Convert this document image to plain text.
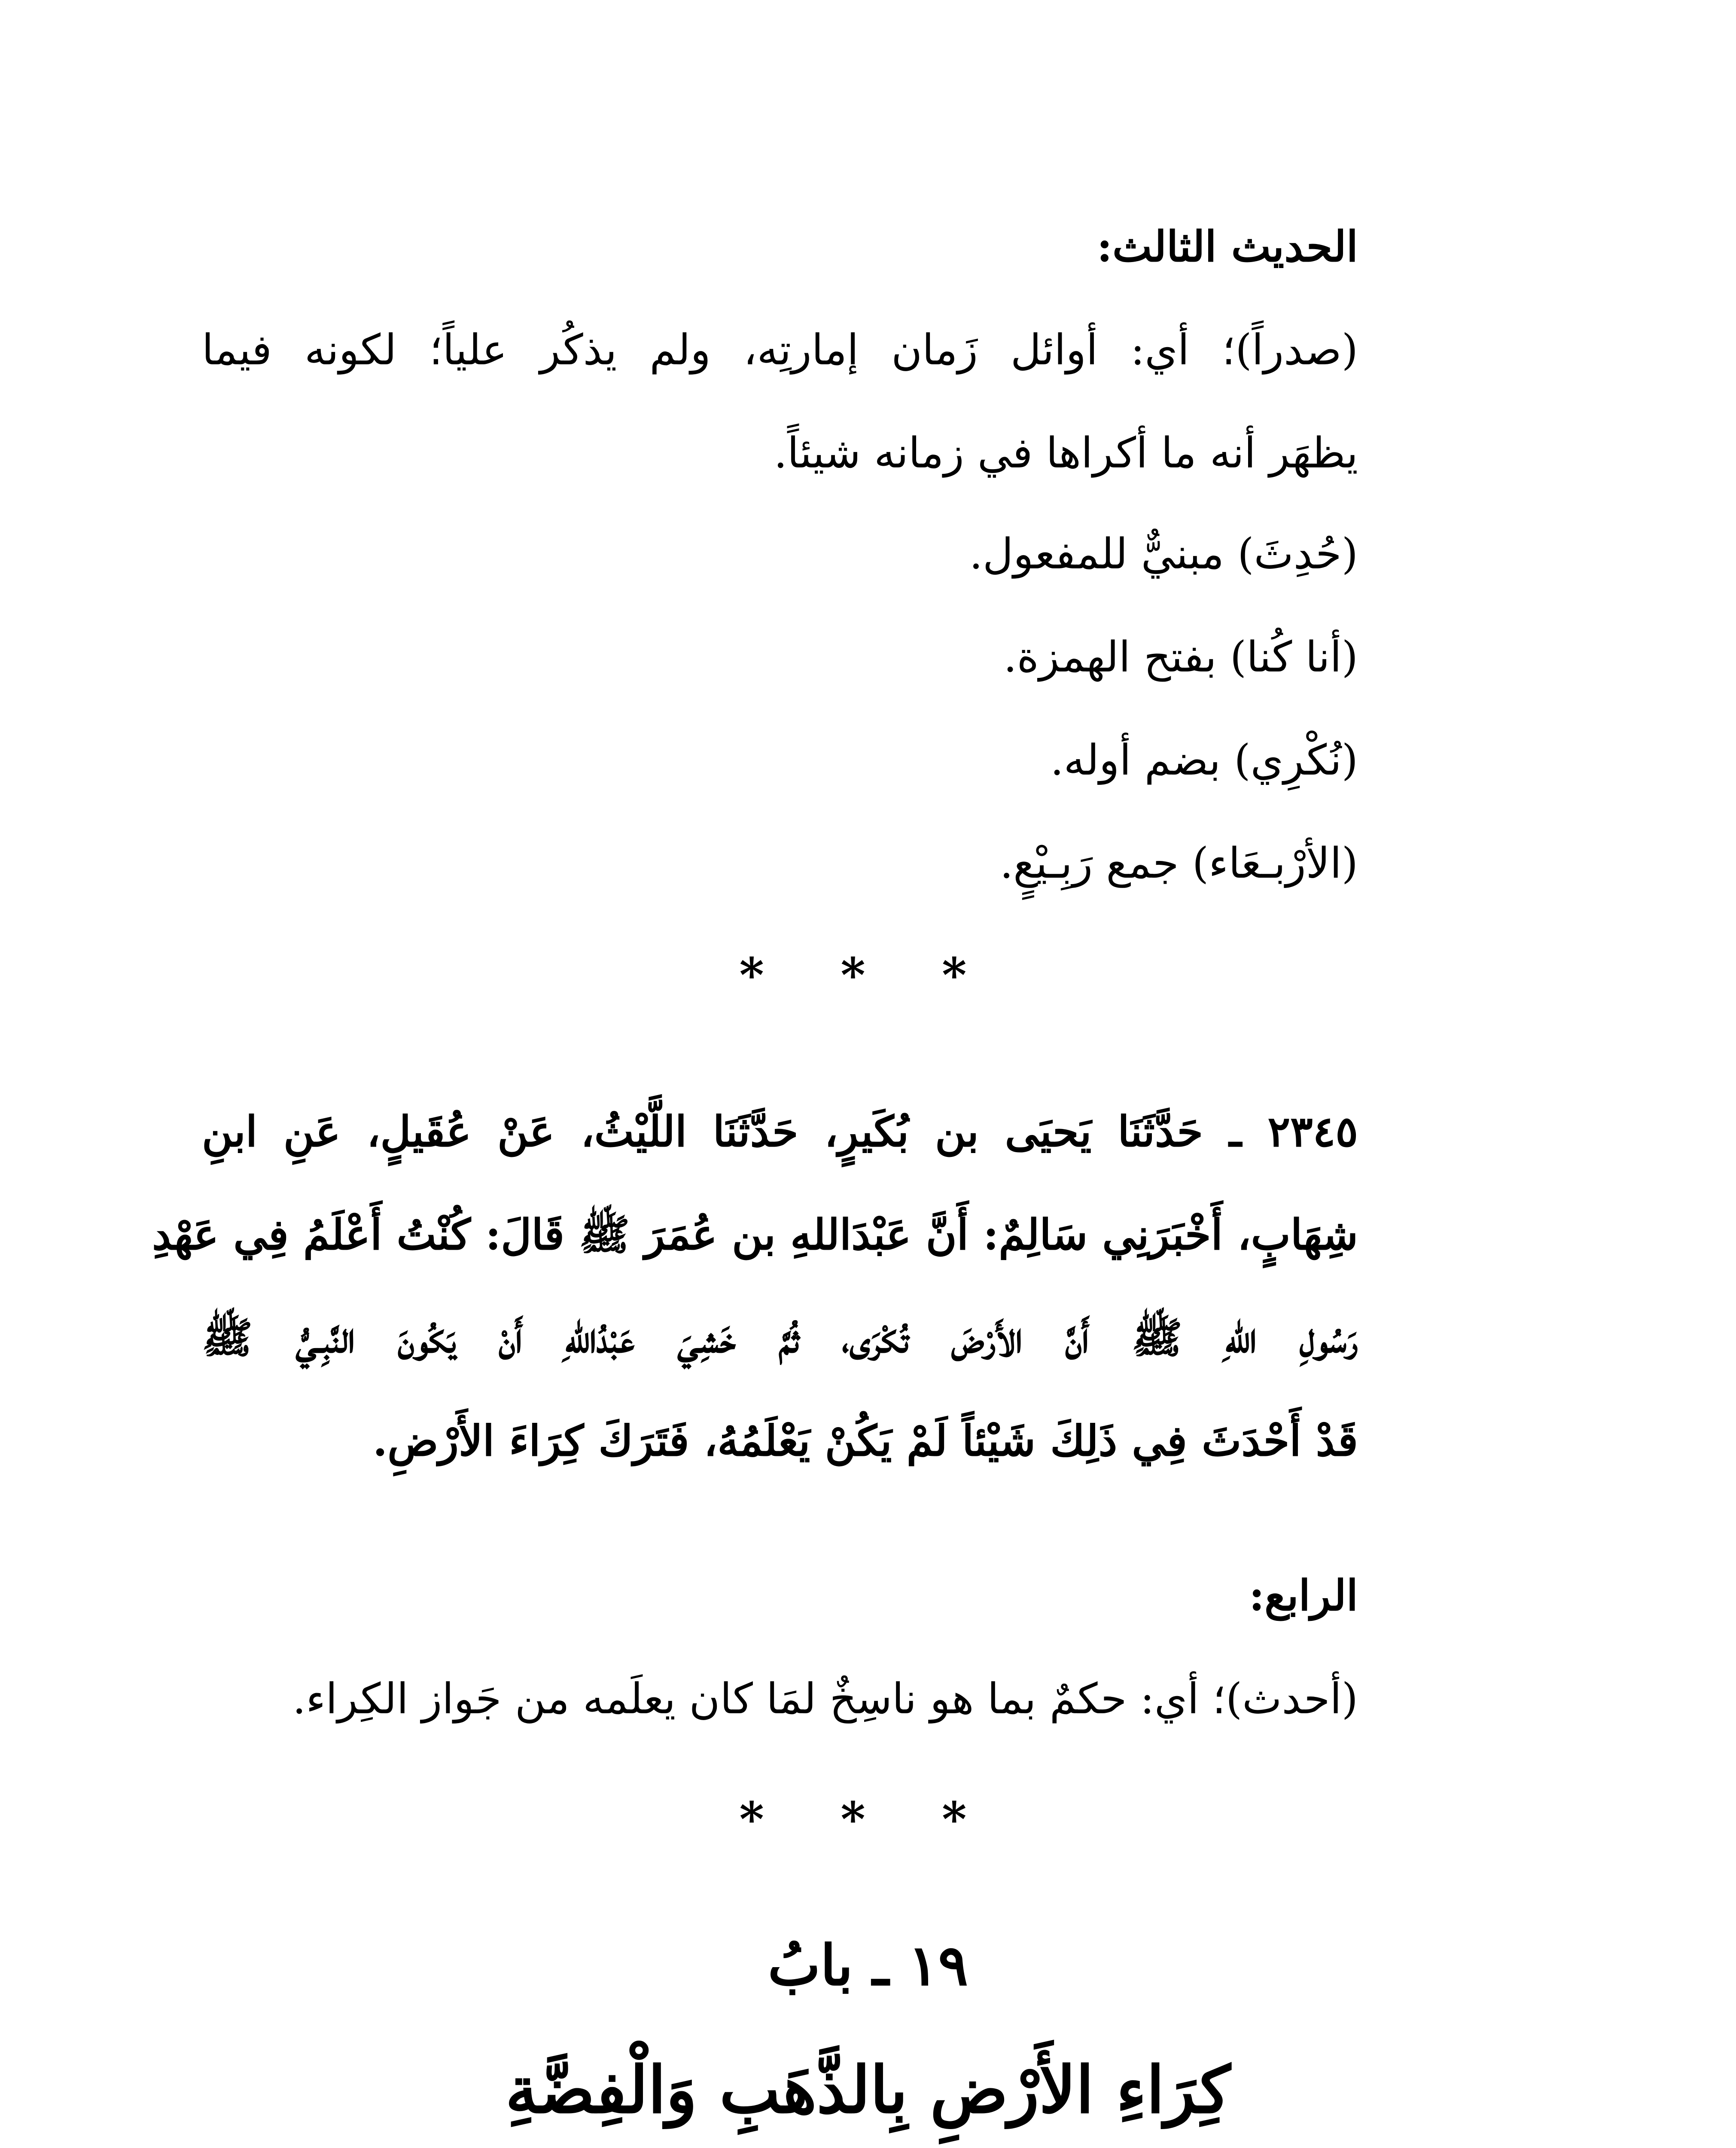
الحديث الثالث:
(صدراً)؛ أي: أوائل زَمان إمارتِه، ولم يذكُر علياً؛ لكونه فيما
يظهَر أنه ما أكراها في زمانه شيئاً.
(حُدِثَ) مبنيٌّ للمفعول.
(أنا كُنا) بفتح الهمزة.
(نُكْرِي) بضم أوله.
(الأرْبـعَاء) جمع رَبِـيْعٍ.
* * *
٢٣٤٥ ـ حَدَّثَنَا يَحيَى بن بُكَيرٍ، حَدَّثَنَا اللَّيْثُ، عَنْ عُقَيلٍ، عَنِ ابنِ
شِهَابٍ، أَخْبَرَنِي سَالِمٌ: أَنَّ عَبْدَاللهِ بن عُمَرَ ﷺ قَالَ: كُنْتُ أَعْلَمُ فِي عَهْدِ
رَسُولِ اللهِ ﷺ أَنَّ الأَرْضَ تُكْرَى، ثُمَّ خَشِيَ عَبْدُاللهِ أَنْ يَكُونَ النَّبِـيُّ ﷺ
قَدْ أَحْدَثَ فِي ذَلِكَ شَيْئاً لَمْ يَكُنْ يَعْلَمُهُ، فَتَرَكَ كِرَاءَ الأَرْضِ.
الرابع:
(أحدث)؛ أي: حكمٌ بما هو ناسِخٌ لمَا كان يعلَمه من جَواز الكِراء.
* * *
١٩ ـ بابُ
كِرَاءِ الأَرْضِ بِالذَّهَبِ وَالْفِضَّةِ
